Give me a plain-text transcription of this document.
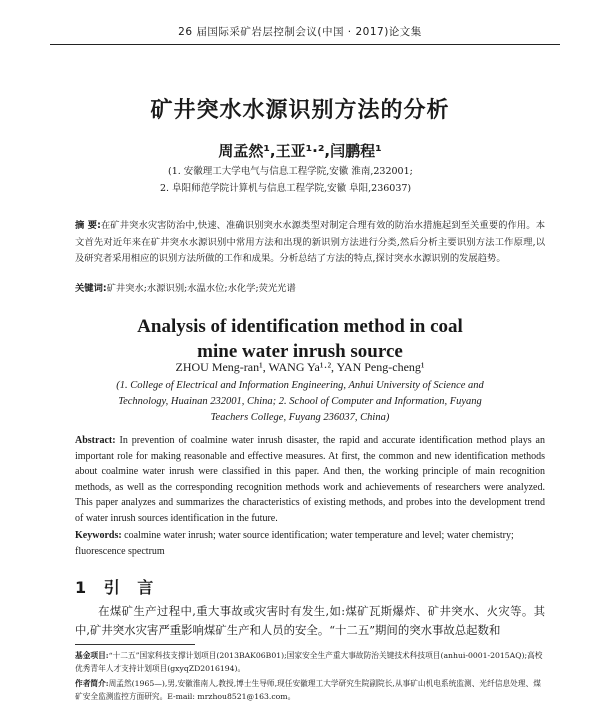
26 届国际采矿岩层控制会议(中国 · 2017)论文集
矿井突水水源识别方法的分析
周孟然¹,王亚¹·²,闫鹏程¹
(1. 安徽理工大学电气与信息工程学院,安徽 淮南,232001;
2. 阜阳师范学院计算机与信息工程学院,安徽 阜阳,236037)
摘 要:在矿井突水灾害防治中,快速、准确识别突水水源类型对制定合理有效的防治水措施起到至关重要的作用。本文首先对近年来在矿井突水水源识别中常用方法和出现的新识别方法进行分类,然后分析主要识别方法工作原理,以及研究者采用相应的识别方法所做的工作和成果。分析总结了方法的特点,探讨突水水源识别的发展趋势。
关键词:矿井突水;水源识别;水温水位;水化学;荧光光谱
Analysis of identification method in coal
mine water inrush source
ZHOU Meng-ran¹, WANG Ya¹·², YAN Peng-cheng¹
(1. College of Electrical and Information Engineering, Anhui University of Science and
Technology, Huainan 232001, China; 2. School of Computer and Information, Fuyang
Teachers College, Fuyang 236037, China)
Abstract: In prevention of coalmine water inrush disaster, the rapid and accurate identification method plays an important role for making reasonable and effective measures. At first, the common and new identification methods about coalmine water inrush were classified in this paper. And then, the working principle of main recognition methods, as well as the corresponding recognition methods work and achievements of researchers were analyzed. This paper analyzes and summarizes the characteristics of existing methods, and probes into the development trend of water inrush sources identification in the future.
Keywords: coalmine water inrush; water source identification; water temperature and level; water chemistry; fluorescence spectrum
1 引 言
  在煤矿生产过程中,重大事故或灾害时有发生,如:煤矿瓦斯爆炸、矿井突水、火灾等。其中,矿井突水灾害严重影响煤矿生产和人员的安全。“十二五”期间的突水事故总起数和
基金项目:“十二五”国家科技支撑计划项目(2013BAK06B01);国家安全生产重大事故防治关键技术科技项目(anhui-0001-2015AQ);高校优秀青年人才支持计划项目(gxyqZD2016194)。
作者简介:周孟然(1965—),男,安徽淮南人,教授,博士生导师,现任安徽理工大学研究生院副院长,从事矿山机电系统监测、光纤信息处理、煤矿安全监测监控方面研究。E-mail: mrzhou8521@163.com。
